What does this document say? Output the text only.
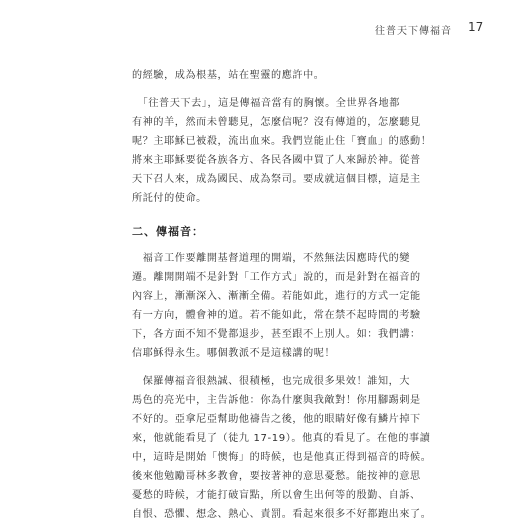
往普天下傳福音 17

的經驗，成為根基，站在聖靈的應許中。

　「往普天下去」，這是傳福音當有的胸懷。全世界各地都
有神的羊，然而未曾聽見，怎麼信呢？沒有傳道的，怎麼聽見
呢？主耶穌已被殺，流出血來。我們豈能止住「寶血」的感動！
將來主耶穌要從各族各方、各民各國中買了人來歸於神。從普
天下召人來，成為國民、成為祭司。要成就這個目標，這是主
所託付的使命。

二、傳福音：

　福音工作要離開基督道理的開端，不然無法因應時代的變
遷。離開開端不是針對「工作方式」說的，而是針對在福音的
內容上，漸漸深入、漸漸全備。若能如此，進行的方式一定能
有一方向，體會神的道。若不能如此，常在禁不起時間的考驗
下，各方面不知不覺都退步，甚至跟不上別人。如：我們講：
信耶穌得永生。哪個教派不是這樣講的呢！

　保羅傳福音很熱誠、很積極，也完成很多果效！誰知，大
馬色的亮光中，主告訴他：你為什麼與我敵對！你用腳踢刺是
不好的。亞拿尼亞幫助他禱告之後，他的眼睛好像有鱗片掉下
來，他就能看見了（徒九 17-19）。他真的看見了。在他的事讀
中，這時是開始「懊悔」的時候，也是他真正得到福音的時候。
後來他勉勵哥林多教會，要按著神的意思憂愁。能按神的意思
憂愁的時候，才能打破盲點，所以會生出何等的殷勤、自訴、
自恨、恐懼、想念、熱心、責罰。看起來很多不好都跑出來了。
